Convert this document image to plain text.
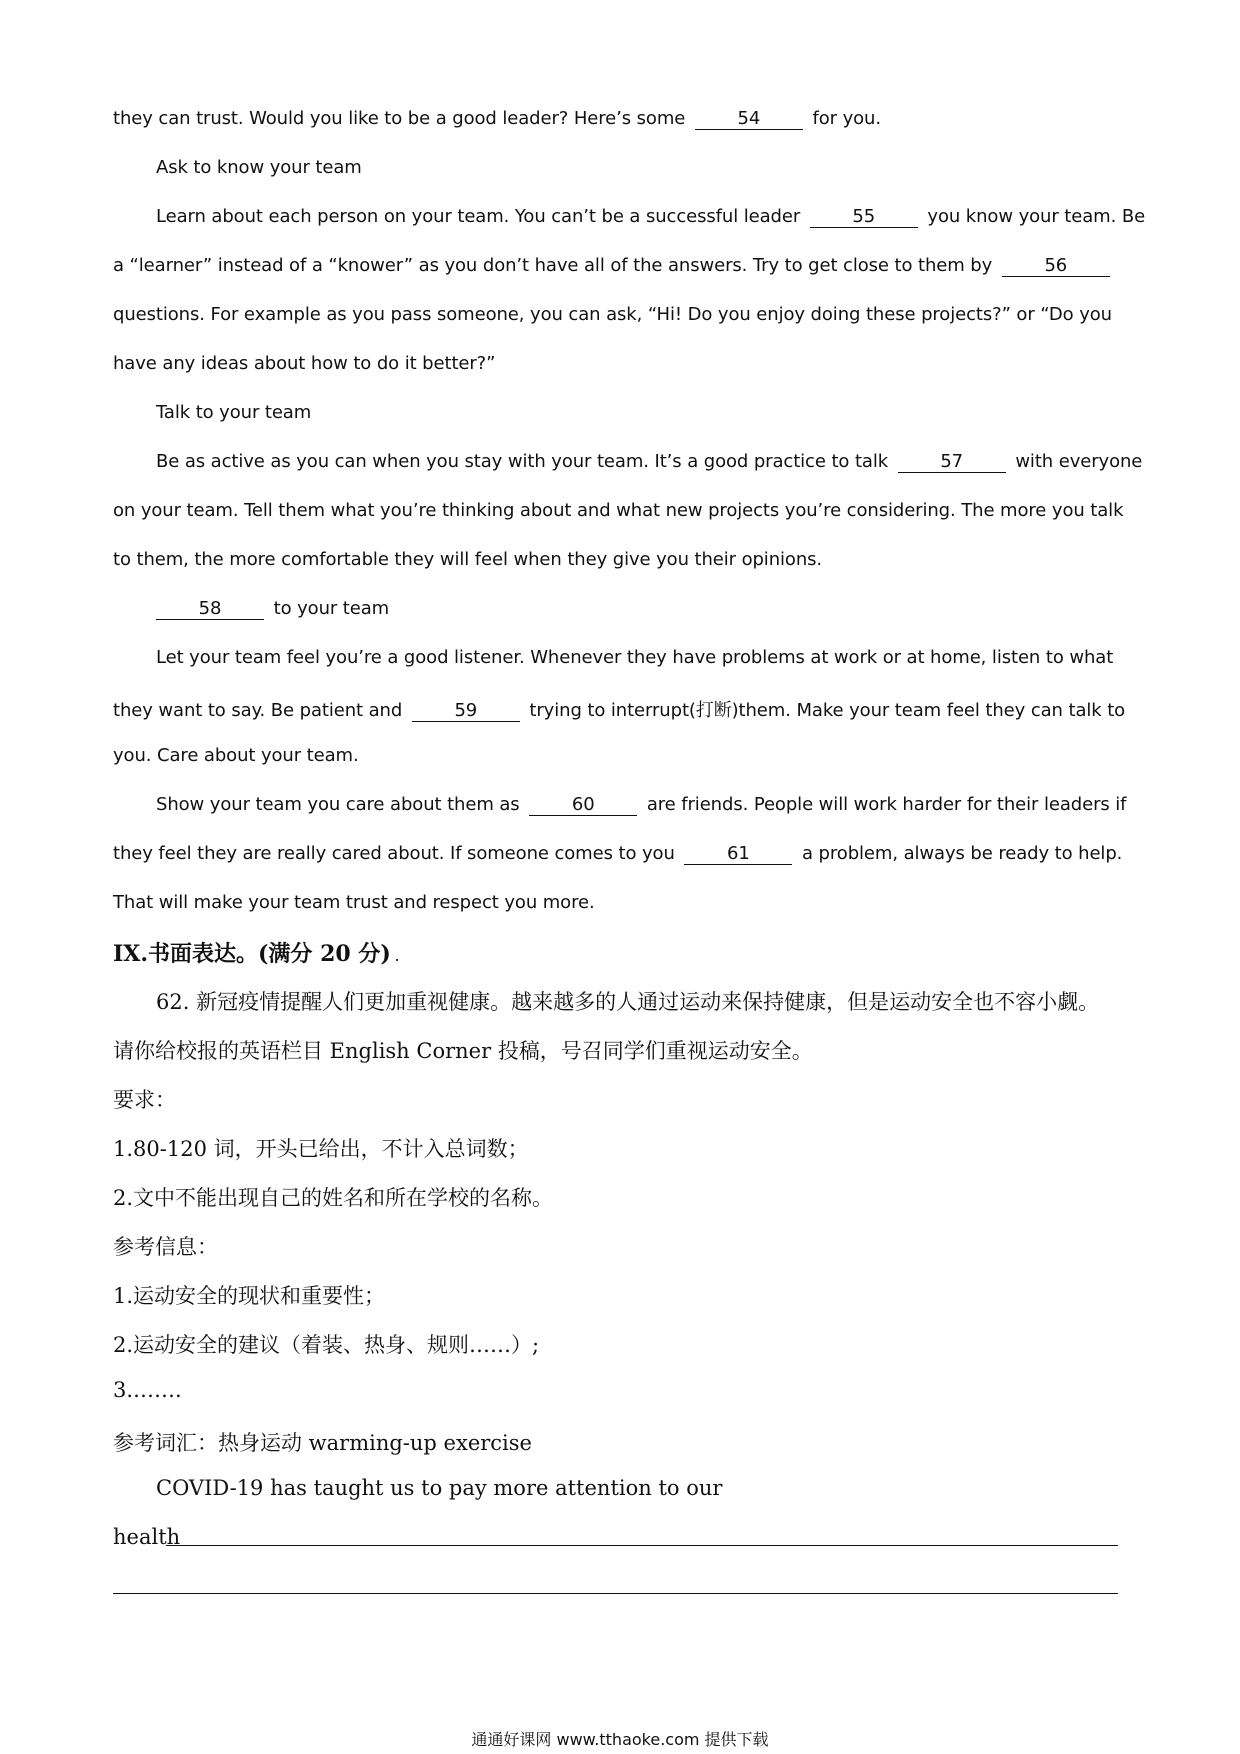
they can trust. Would you like to be a good leader? Here’s some	54	for you.
Ask to know your team
Learn about each person on your team. You can’t be a successful leader	55	you know your team. Be
a “learner” instead of a “knower” as you don’t have all of the answers. Try to get close to them by	56
questions. For example as you pass someone, you can ask, “Hi! Do you enjoy doing these projects?” or “Do you
have any ideas about how to do it better?”
Talk to your team
Be as active as you can when you stay with your team. It’s a good practice to talk	57	with everyone
on your team. Tell them what you’re thinking about and what new projects you’re considering. The more you talk
to them, the more comfortable they will feel when they give you their opinions.
58	to your team
Let your team feel you’re a good listener. Whenever they have problems at work or at home, listen to what
they want to say. Be patient and	59	trying to interrupt(打断)them. Make your team feel they can talk to
you. Care about your team.
Show your team you care about them as	60	are friends. People will work harder for their leaders if
they feel they are really cared about. If someone comes to you	61	a problem, always be ready to help.
That will make your team trust and respect you more.
IX.书面表达。(满分 20 分) .
62. 新冠疫情提醒人们更加重视健康。越来越多的人通过运动来保持健康，但是运动安全也不容小觑。
请你给校报的英语栏目 English Corner 投稿，号召同学们重视运动安全。
要求：
1.80-120 词，开头已给出，不计入总词数；
2.文中不能出现自己的姓名和所在学校的名称。
参考信息：
1.运动安全的现状和重要性；
2.运动安全的建议（着装、热身、规则……）;
3.…….
参考词汇：热身运动 warming-up exercise
COVID-19 has taught us to pay more attention to our
health
通通好课网 www.tthaoke.com 提供下载
